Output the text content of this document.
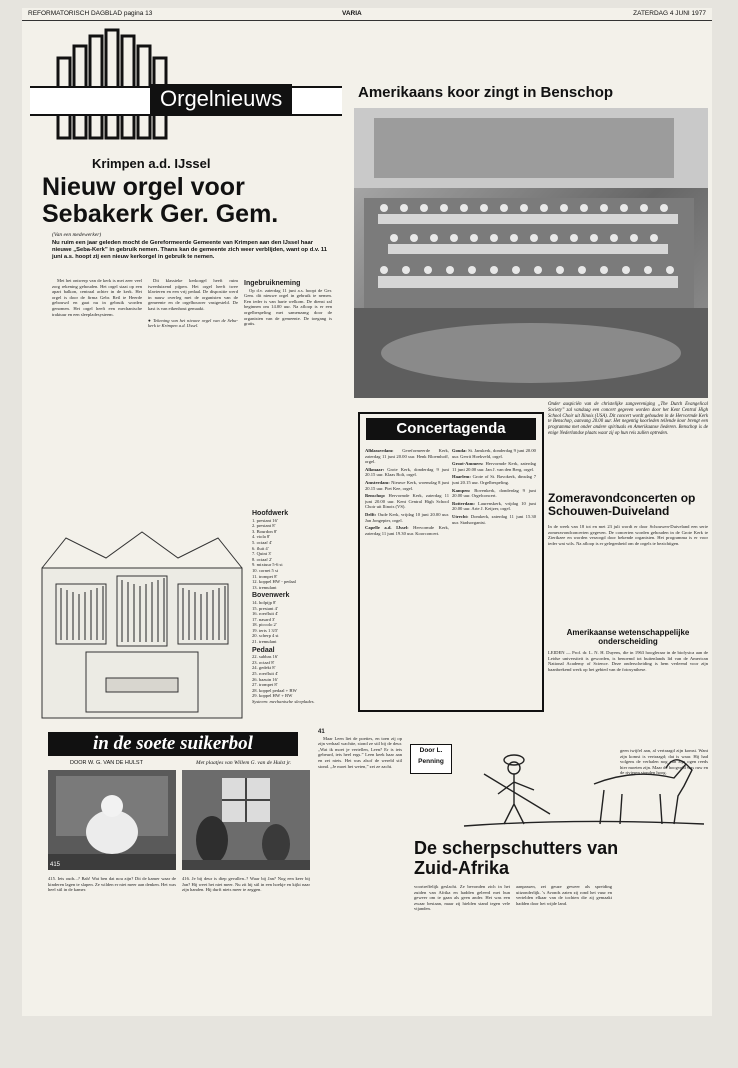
REFORMATORISCH DAGBLAD pagina 13	VARIA	ZATERDAG 4 JUNI 1977
Orgelnieuws
Krimpen a.d. IJssel
Nieuw orgel voor Sebakerk Ger. Gem.
(Van een medewerker)
Nu ruim een jaar geleden mocht de Gereformeerde Gemeente van Krimpen aan den IJssel haar nieuwe „Seba-Kerk” in gebruik nemen. Thans kan de gemeente zich weer verblijden, want op d.v. 11 juni a.s. hoopt zij een nieuw kerkorgel in gebruik te nemen.

Met het ontwerp van de kerk is met zeer veel zorg rekening gehouden. Het orgel staat op een apart balkon, centraal achter in de kerk. Het orgel is door de firma Gebr. Reil te Heerde gebouwd en gaat nu in gebruik worden genomen. Het orgel heeft een mechanische traktuur en een sleepladesysteem.

Dit klassieke kerkorgel heeft ruim tweeduizend pijpen. Het orgel heeft twee klavieren en een vrij pedaal. De dispositie werd in nauw overleg met de organisten van de gemeente en de orgelbouwer vastgesteld. De kast is van eikenhout gemaakt.

● Tekening van het nieuwe orgel van de Seba-kerk te Krimpen a.d. IJssel.

Ingebruikneming

Op d.v. zaterdag 11 juni a.s. hoopt de Ger. Gem. dit nieuwe orgel in gebruik te nemen. Een ieder is van harte welkom. De dienst zal beginnen om 14.00 uur. Na afloop is er een orgelbespeling met samenzang door de organisten van de gemeente. De toegang is gratis.

Hoofdwerk
1. prestant 16'
2. prestant 8'
3. Bourdon 8'
4. viola 8'
5. octaaf 4'
6. fluit 4'
7. Quint 3'
8. octaaf 2'
9. mixtuur 5-6 st
10. cornet 5 st
11. trompet 8'
12. koppel HW - pedaal
13. tremulant
Bovenwerk
14. holpijp 8'
15. prestant 4'
16. roerfluit 4'
17. nasard 3'
18. piccolo 2'
19. terts 1 3/5'
20. scherp 4 st
21. tremulant
Pedaal
22. subbas 16'
23. octaaf 8'
24. gedekt 8'
25. roerfluit 4'
26. bazuin 16'
27. trompet 8'
28. koppel pedaal + BW
29. koppel HW + BW
Systeem: mechanische sleeplades.
Amerikaans koor zingt in Benschop
Onder auspiciën van de christelijke zangvereniging „The Dutch Evangelical Society” zal vandaag een concert gegeven worden door het Kent Central High School Choir uit Ilinois (USA). Dit concert wordt gehouden in de Hervormde Kerk te Benschop, aanvang 20.00 uur. Het negentig koorleden tellende koor brengt een programma met onder andere spirituals en Amerikaanse liederen. Benschop is de enige Nederlandse plaats waar zij op hun reis zullen optreden.
Concertagenda

Alblasserdam: Gereformeerde Kerk, zaterdag 11 juni 20.00 uur. Henk Bloemhoff, orgel.

Alkmaar: Grote Kerk, donderdag 9 juni 20.15 uur. Klaas Bolt, orgel.

Amsterdam: Nieuwe Kerk, woensdag 8 juni 20.15 uur. Piet Kee, orgel.

Benschop: Hervormde Kerk, zaterdag 11 juni 20.00 uur. Kent Central High School Choir uit Ilinois (VS).

Delft: Oude Kerk, vrijdag 10 juni 20.00 uur. Jan Jongepier, orgel.

Capelle a.d. IJssel: Hervormde Kerk, zaterdag 11 juni 19.30 uur. Koorconcert.

Gouda: St. Janskerk, donderdag 9 juni 20.00 uur. Gerrit Hoekveld, orgel.

Groot-Ammers: Hervormde Kerk, zaterdag 11 juni 20.00 uur. Jan J. van den Berg, orgel.

Haarlem: Grote of St. Bavokerk, dinsdag 7 juni 20.15 uur. Orgelbespeling.

Kampen: Bovenkerk, donderdag 9 juni 20.00 uur. Orgelconcert.

Rotterdam: Laurenskerk, vrijdag 10 juni 20.00 uur. Arie J. Keijzer, orgel.

Utrecht: Domkerk, zaterdag 11 juni 15.30 uur. Stadsorganist.

Zomeravondconcerten op Schouwen-Duiveland
In de week van 18 tot en met 23 juli wordt er door Schouwen-Duiveland een serie zomeravondconcerten gegeven. De concerten worden gehouden in de Grote Kerk te Zierikzee en worden verzorgd door bekende organisten. Het programma is er voor ieder wat wils. Na afloop is er gelegenheid om de orgels te bezichtigen.
Amerikaanse wetenschappelijke onderscheiding
LEIDEN — Prof. dr. L. N. H. Duyens, die in 1963 hoogleraar in de biofysica aan de Leidse universiteit is geworden, is benoemd tot buitenlands lid van de American National Academy of Science. Deze onderscheiding is hem verleend voor zijn baanbrekend werk op het gebied van de fotosynthese.
in de soete suikerbol
DOOR W. G. VAN DE HULST	Met plaatjes van Willem G. van de Hulst jr.
415
415. Iets ouds...? Bah! Wat ben dat nou zijn? Dit de kamer waar de kinderen lagen te slapen. Ze wilden er niet meer aan denken. Het was heel stil in de kamer.
416. Je bij deur is diep gevallen..? Waar bij Jan? Nog een keer bij Jan? Hij weet het niet meer. Nu zit hij stil in een hoekje en kijkt naar zijn handen. Hij durft niets meer te zeggen.
41

Maar Leen liet de poeties, en toen zij op zijn verhaal wachtte, stond ze stil bij de deur. „Wat ik moet je vertellen, Leen? Er is iets gebeurd, iets heel ergs.” Leen keek haar aan en zei niets. Het was alsof de wereld stil stond. „Je moet het weten,” zei ze zacht.

Door L.
Penning
De scherpschutters van Zuid-Afrika
voortreffelijk geslacht. Ze bevonden zich in het zuiden van Afrika en hadden geleerd met hun geweer om te gaan als geen ander. Het was een zwaar bestaan, maar zij hielden stand tegen vele vijanden.
aanpassen, zei geuze geweer als spreiding uitzonderlijk. 's Avonds zaten zij rond het vuur en vertelden elkaar van de tochten die zij gemaakt hadden door het wijde land.
geen twijfel aan, al vertraagd zijn komst. Want zijn komst is vertraagd; dat is waar. Hij had volgens de verhalen nog van zijn ogen reeds hier moeten zijn. Maar de hoogveld was ruw en de rivieren stonden hoog.
